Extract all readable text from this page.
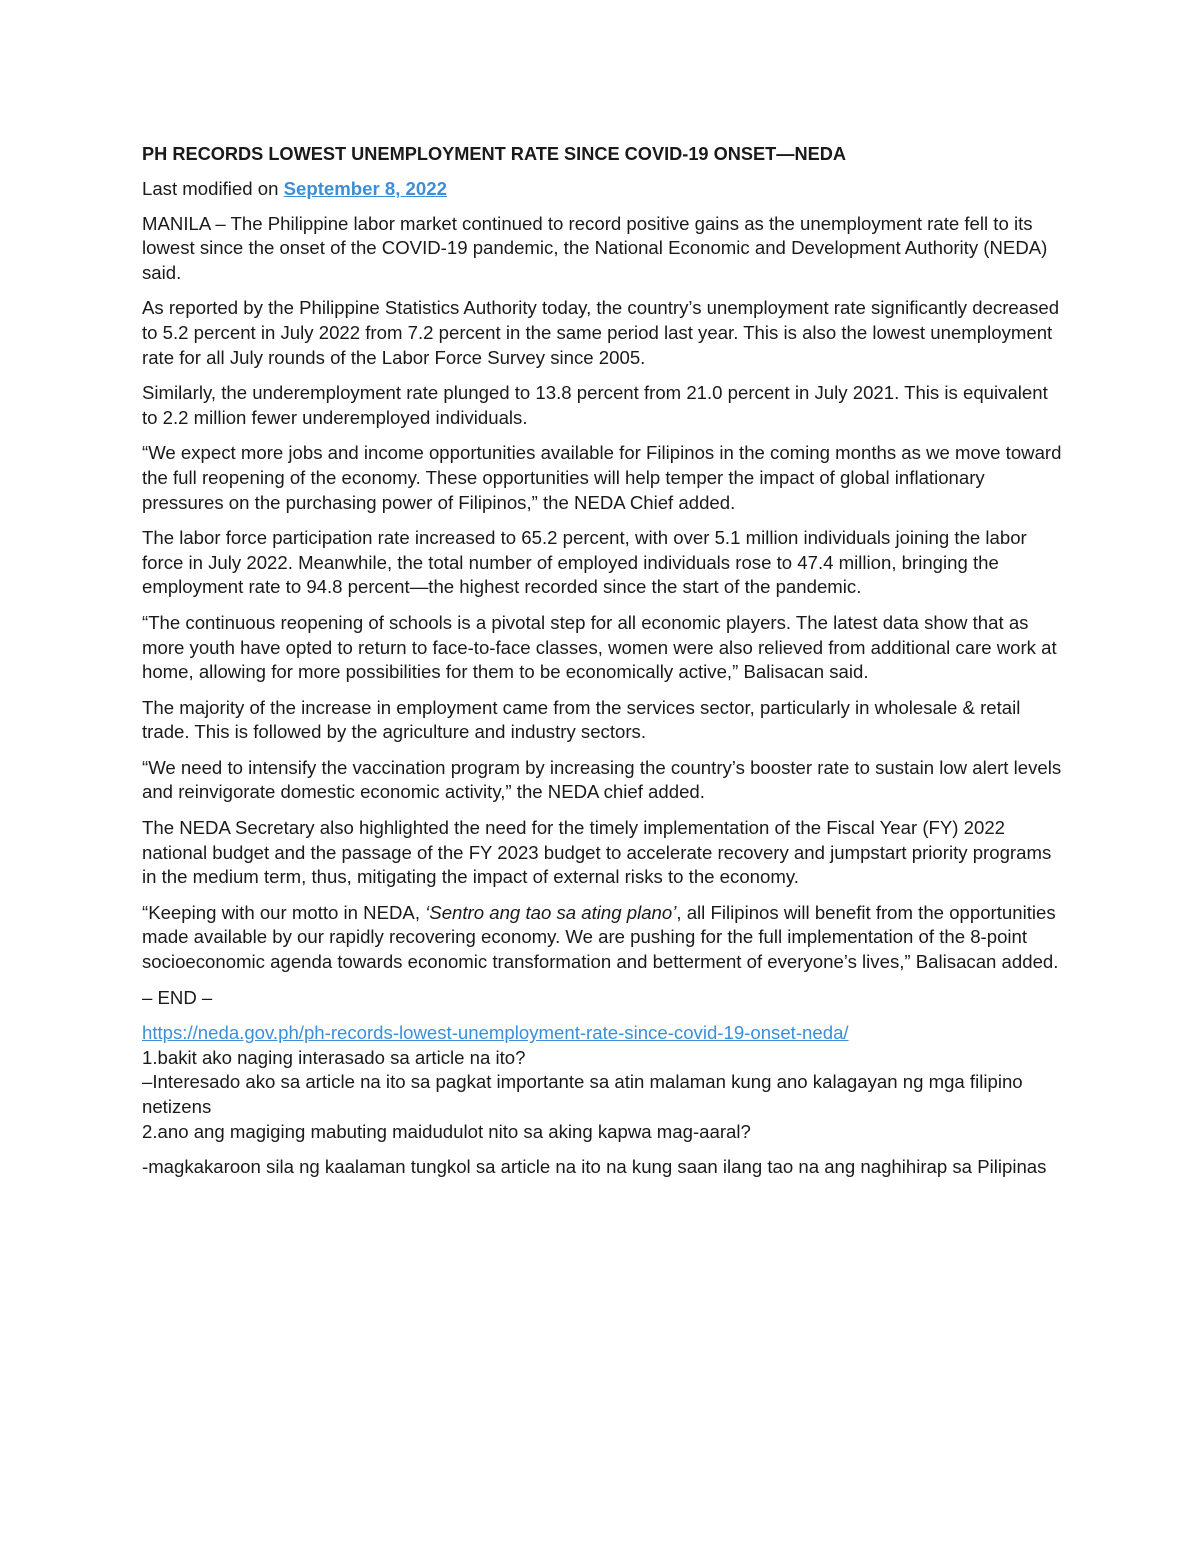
PH RECORDS LOWEST UNEMPLOYMENT RATE SINCE COVID-19 ONSET—NEDA
Last modified on September 8, 2022

MANILA – The Philippine labor market continued to record positive gains as the unemployment rate fell to its lowest since the onset of the COVID-19 pandemic, the National Economic and Development Authority (NEDA) said.

As reported by the Philippine Statistics Authority today, the country’s unemployment rate significantly decreased to 5.2 percent in July 2022 from 7.2 percent in the same period last year. This is also the lowest unemployment rate for all July rounds of the Labor Force Survey since 2005.

Similarly, the underemployment rate plunged to 13.8 percent from 21.0 percent in July 2021. This is equivalent to 2.2 million fewer underemployed individuals.

“We expect more jobs and income opportunities available for Filipinos in the coming months as we move toward the full reopening of the economy. These opportunities will help temper the impact of global inflationary pressures on the purchasing power of Filipinos,” the NEDA Chief added.

The labor force participation rate increased to 65.2 percent, with over 5.1 million individuals joining the labor force in July 2022. Meanwhile, the total number of employed individuals rose to 47.4 million, bringing the employment rate to 94.8 percent—the highest recorded since the start of the pandemic.

“The continuous reopening of schools is a pivotal step for all economic players. The latest data show that as more youth have opted to return to face-to-face classes, women were also relieved from additional care work at home, allowing for more possibilities for them to be economically active,” Balisacan said.

The majority of the increase in employment came from the services sector, particularly in wholesale & retail trade. This is followed by the agriculture and industry sectors.

“We need to intensify the vaccination program by increasing the country’s booster rate to sustain low alert levels and reinvigorate domestic economic activity,” the NEDA chief added.

The NEDA Secretary also highlighted the need for the timely implementation of the Fiscal Year (FY) 2022 national budget and the passage of the FY 2023 budget to accelerate recovery and jumpstart priority programs in the medium term, thus, mitigating the impact of external risks to the economy.

“Keeping with our motto in NEDA, ‘Sentro ang tao sa ating plano’, all Filipinos will benefit from the opportunities made available by our rapidly recovering economy. We are pushing for the full implementation of the 8-point socioeconomic agenda towards economic transformation and betterment of everyone’s lives,” Balisacan added.

– END –
https://neda.gov.ph/ph-records-lowest-unemployment-rate-since-covid-19-onset-neda/
1.bakit ako naging interasado sa article na ito?
–Interesado ako sa article na ito sa pagkat importante sa atin malaman kung ano kalagayan ng mga filipino netizens
2.ano ang magiging mabuting maidudulot nito sa aking kapwa mag-aaral?
-magkakaroon sila ng kaalaman tungkol sa article na ito na kung saan ilang tao na ang naghihirap sa Pilipinas
